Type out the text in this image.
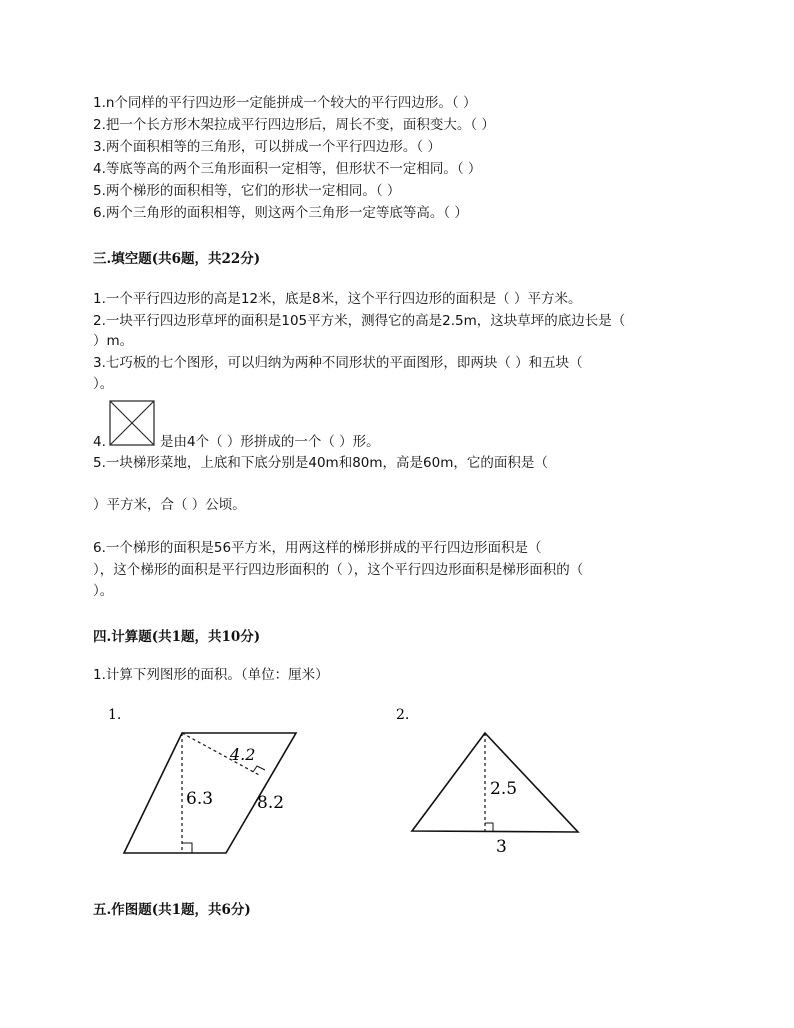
1.n个同样的平行四边形一定能拼成一个较大的平行四边形。（ ）
2.把一个长方形木架拉成平行四边形后，周长不变，面积变大。（ ）
3.两个面积相等的三角形，可以拼成一个平行四边形。（ ）
4.等底等高的两个三角形面积一定相等，但形状不一定相同。（ ）
5.两个梯形的面积相等，它们的形状一定相同。（ ）
6.两个三角形的面积相等，则这两个三角形一定等底等高。（ ）
三.填空题(共6题，共22分)
1.一个平行四边形的高是12米，底是8米，这个平行四边形的面积是（ ）平方米。
2.一块平行四边形草坪的面积是105平方米，测得它的高是2.5m，这块草坪的底边长是（
）m。
3.七巧板的七个图形，可以归纳为两种不同形状的平面图形，即两块（ ）和五块（
）。
4.	是由4个（ ）形拼成的一个（ ）形。
5.一块梯形菜地，上底和下底分别是40m和80m，高是60m，它的面积是（
）平方米，合（ ）公顷。
6.一个梯形的面积是56平方米，用两这样的梯形拼成的平行四边形面积是（
），这个梯形的面积是平行四边形面积的（ ），这个平行四边形面积是梯形面积的（
）。
四.计算题(共1题，共10分)
1.计算下列图形的面积。（单位：厘米）
1.
4.2
6.3	8.2
2.
2.5
3
五.作图题(共1题，共6分)
